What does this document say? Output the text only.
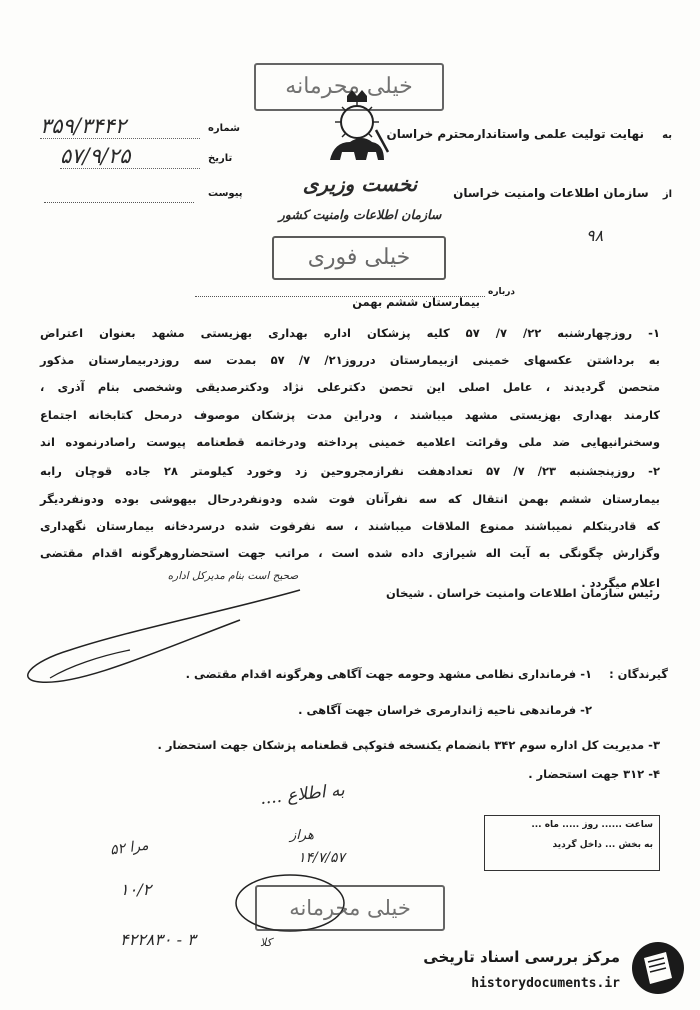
خیلی محرمانه
به نهایت تولیت علمی واستاندارمحترم خراسان
از سازمان اطلاعات وامنیت خراسان
نخست وزیری
سازمان اطلاعات وامنیت کشور
شماره
۳۵۹/۳۴۴۲
تاریخ
۵۷/۹/۲۵
پیوست
خیلی فوری
۹۸
درباره
بیمارستان ششم بهمن
۱- روزچهارشنبه ۲۲/ ۷/ ۵۷ کلیه پزشکان اداره بهداری بهزیستی مشهد بعنوان اعتراض
به برداشتن عکسهای خمینی ازبیمارستان درروز۲۱/ ۷/ ۵۷ بمدت سه روزدربیمارستان مذکور
متحصن گردیدند ، عامل اصلی این تحصن دکترعلی نژاد ودکترصدیقی وشخصی بنام آذری ،
کارمند بهداری بهزیستی مشهد میباشند ، ودراین مدت پزشکان موصوف درمحل کتابخانه اجتماع
وسخنرانیهایی ضد ملی وقرائت اعلامیه خمینی پرداخته ودرخاتمه قطعنامه پیوست راصادرنموده اند
۲- روزپنجشنبه ۲۳/ ۷/ ۵۷ تعدادهفت نفرازمجروحین زد وخورد کیلومتر ۲۸ جاده قوچان رابه
بیمارستان ششم بهمن انتقال که سه نفرآنان فوت شده ودونفردرحال بیهوشی بوده ودونفردیگر
که قادربتکلم نمیباشند ممنوع الملاقات میباشند ، سه نفرفوت شده درسردخانه بیمارستان نگهداری
وگزارش چگونگی به آیت اله شیرازی داده شده است ، مراتب جهت استحضاروهرگونه اقدام مقتضی
اعلام میگردد .
صحیح است بنام مدیرکل اداره
رئیس سازمان اطلاعات وامنیت خراسان . شیخان
گیرندگان :
۱- فرمانداری نظامی مشهد وحومه جهت آگاهی وهرگونه اقدام مقتضی .
۲- فرماندهی ناحیه ژاندارمری خراسان جهت آگاهی .
۳- مدیریت کل اداره سوم ۳۴۲ بانضمام یکنسخه فتوکپی قطعنامه پزشکان جهت استحضار .
۴- ۳۱۲ جهت استحضار .
به اطلاع ....
هراز
۱۴/۷/۵۷
۵۲ مرا
۱۰/۲
۴۲۲۸۳۰ - ۳	کلا
ساعت ...... روز ..... ماه ...
به بخش ... داخل گردید
خیلی محرمانه
مرکز بررسی اسناد تاریخی
historydocuments.ir
